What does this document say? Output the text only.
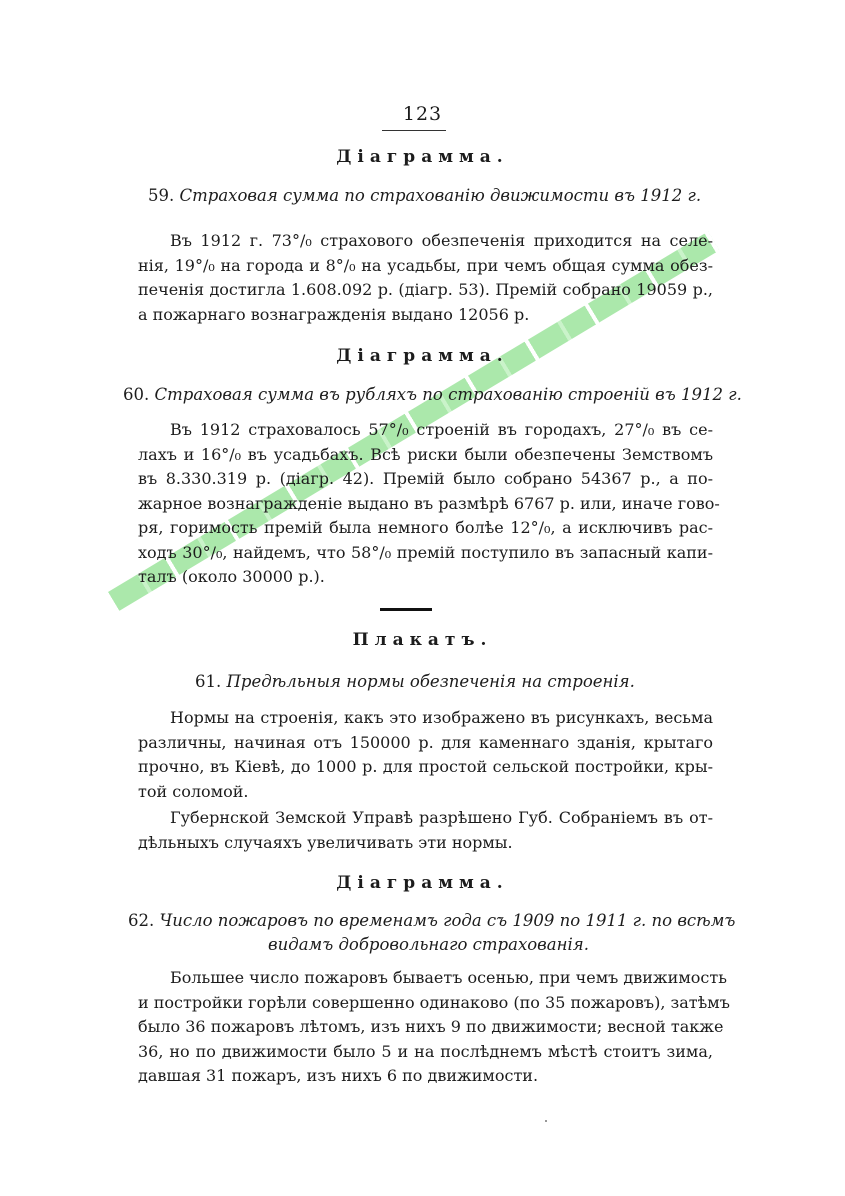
123
Діаграмма.
59. Страховая сумма по страхованію движимости въ 1912 г.
Въ 1912 г. 73°/₀ страхового обезпеченія приходится на селе-
нія, 19°/₀ на города и 8°/₀ на усадьбы, при чемъ общая сумма обез-
печенія достигла 1.608.092 р. (діагр. 53). Премій собрано 19059 р.,
а пожарнаго вознагражденія выдано 12056 р.
Діаграмма.
60. Страховая сумма въ рубляхъ по страхованію строеній въ 1912 г.
Въ 1912 страховалось 57°/₀ строеній въ городахъ, 27°/₀ въ се-
лахъ и 16°/₀ въ усадьбахъ. Всѣ риски были обезпечены Земствомъ
въ 8.330.319 р. (діагр. 42). Премій было собрано 54367 р., а по-
жарное вознагражденіе выдано въ размѣрѣ 6767 р. или, иначе гово-
ря, горимость премій была немного болѣе 12°/₀, а исключивъ рас-
ходъ 30°/₀, найдемъ, что 58°/₀ премій поступило въ запасный капи-
талъ (около 30000 р.).
Плакатъ.
61. Предѣльныя нормы обезпеченія на строенія.
Нормы на строенія, какъ это изображено въ рисункахъ, весьма
различны, начиная отъ 150000 р. для каменнаго зданія, крытаго
прочно, въ Кіевѣ, до 1000 р. для простой сельской постройки, кры-
той соломой.
Губернской Земской Управѣ разрѣшено Губ. Собраніемъ въ от-
дѣльныхъ случаяхъ увеличивать эти нормы.
Діаграмма.
62. Число пожаровъ по временамъ года съ 1909 по 1911 г. по всѣмъ
видамъ добровольнаго страхованія.
Большее число пожаровъ бываетъ осенью, при чемъ движимость
и постройки горѣли совершенно одинаково (по 35 пожаровъ), затѣмъ
было 36 пожаровъ лѣтомъ, изъ нихъ 9 по движимости; весной также
36, но по движимости было 5 и на послѣднемъ мѣстѣ стоитъ зима,
давшая 31 пожаръ, изъ нихъ 6 по движимости.
